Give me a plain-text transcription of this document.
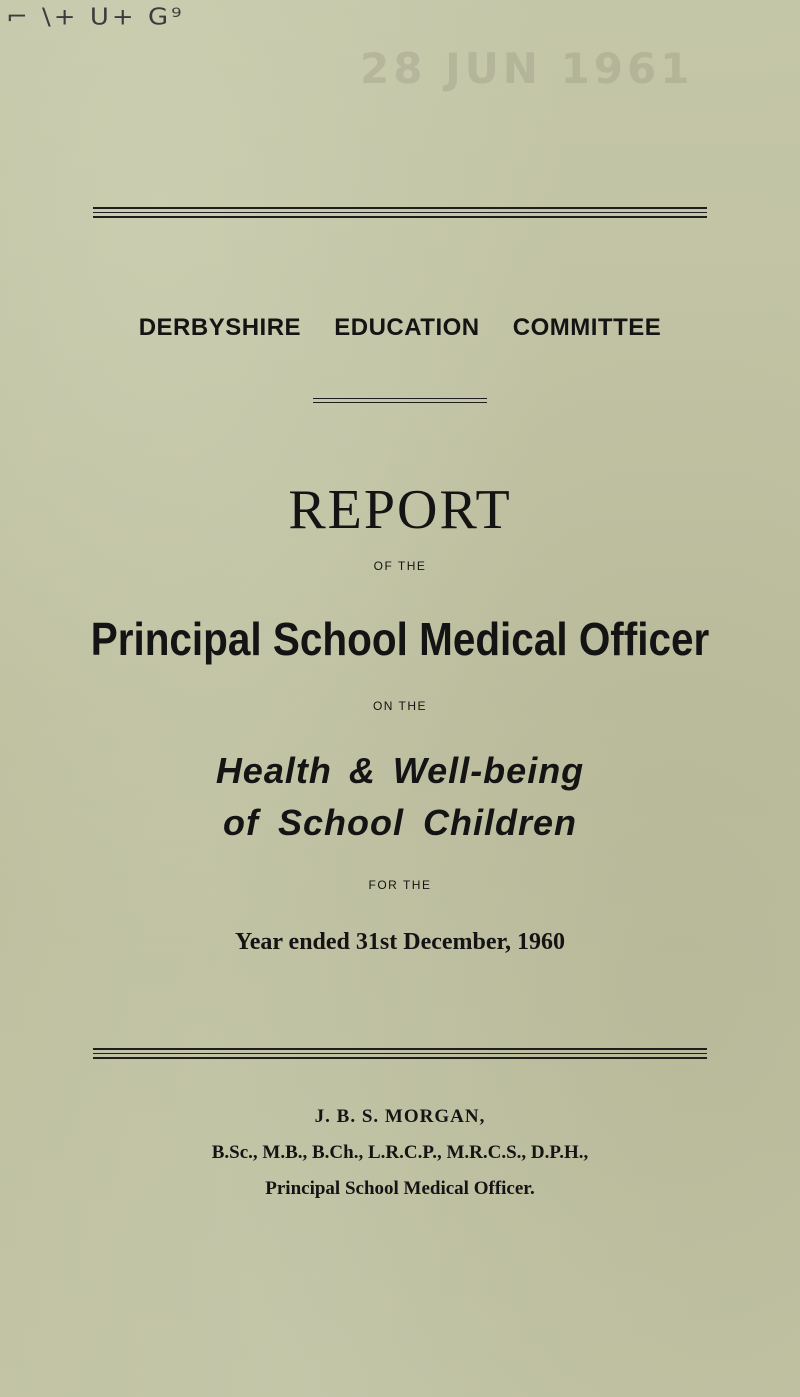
⌐ \+ U+ G⁹
28 JUN 1961
DERBYSHIRE EDUCATION COMMITTEE
REPORT
OF THE
Principal School Medical Officer
ON THE
Health & Well-being
of School Children
FOR THE
Year ended 31st December, 1960
J. B. S. MORGAN,
B.Sc., M.B., B.Ch., L.R.C.P., M.R.C.S., D.P.H.,
Principal School Medical Officer.
